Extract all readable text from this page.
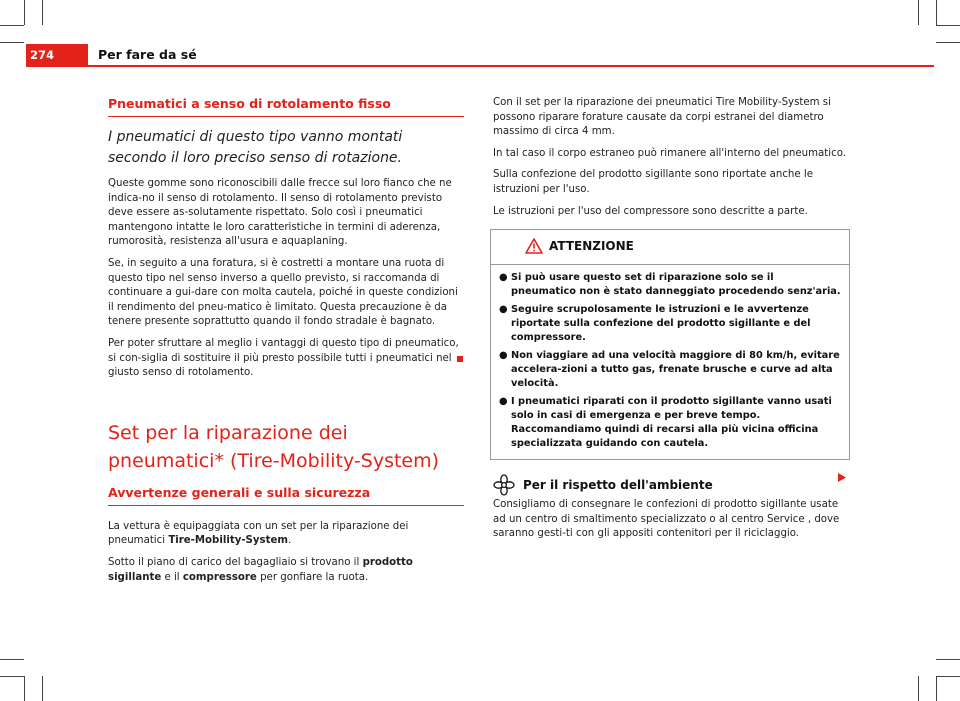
274	Per fare da sé
Pneumatici a senso di rotolamento fisso
I pneumatici di questo tipo vanno montati secondo il loro preciso senso di rotazione.

Queste gomme sono riconoscibili dalle frecce sul loro fianco che ne indica-no il senso di rotolamento. Il senso di rotolamento previsto deve essere as-solutamente rispettato. Solo così i pneumatici mantengono intatte le loro caratteristiche in termini di aderenza, rumorosità, resistenza all'usura e aquaplaning.

Se, in seguito a una foratura, si è costretti a montare una ruota di questo tipo nel senso inverso a quello previsto, si raccomanda di continuare a gui-dare con molta cautela, poiché in queste condizioni il rendimento del pneu-matico è limitato. Questa precauzione è da tenere presente soprattutto quando il fondo stradale è bagnato.

Per poter sfruttare al meglio i vantaggi di questo tipo di pneumatico, si con-siglia di sostituire il più presto possibile tutti i pneumatici nel giusto senso di rotolamento.

Set per la riparazione dei pneumatici* (Tire-Mobility-System)
Avvertenze generali e sulla sicurezza

La vettura è equipaggiata con un set per la riparazione dei pneumatici Tire-Mobility-System.

Sotto il piano di carico del bagagliaio si trovano il prodotto sigillante e il compressore per gonfiare la ruota.

Con il set per la riparazione dei pneumatici Tire Mobility-System si possono riparare forature causate da corpi estranei del diametro massimo di circa 4 mm.

In tal caso il corpo estraneo può rimanere all'interno del pneumatico.

Sulla confezione del prodotto sigillante sono riportate anche le istruzioni per l'uso.

Le istruzioni per l'uso del compressore sono descritte a parte.

ATTENZIONE
● Si può usare questo set di riparazione solo se il pneumatico non è stato danneggiato procedendo senz'aria.
● Seguire scrupolosamente le istruzioni e le avvertenze riportate sulla confezione del prodotto sigillante e del compressore.
● Non viaggiare ad una velocità maggiore di 80 km/h, evitare accelera-zioni a tutto gas, frenate brusche e curve ad alta velocità.
● I pneumatici riparati con il prodotto sigillante vanno usati solo in casi di emergenza e per breve tempo. Raccomandiamo quindi di recarsi alla più vicina officina specializzata guidando con cautela.
Per il rispetto dell'ambiente

Consigliamo di consegnare le confezioni di prodotto sigillante usate ad un centro di smaltimento specializzato o al centro Service , dove saranno gesti-ti con gli appositi contenitori per il riciclaggio.
